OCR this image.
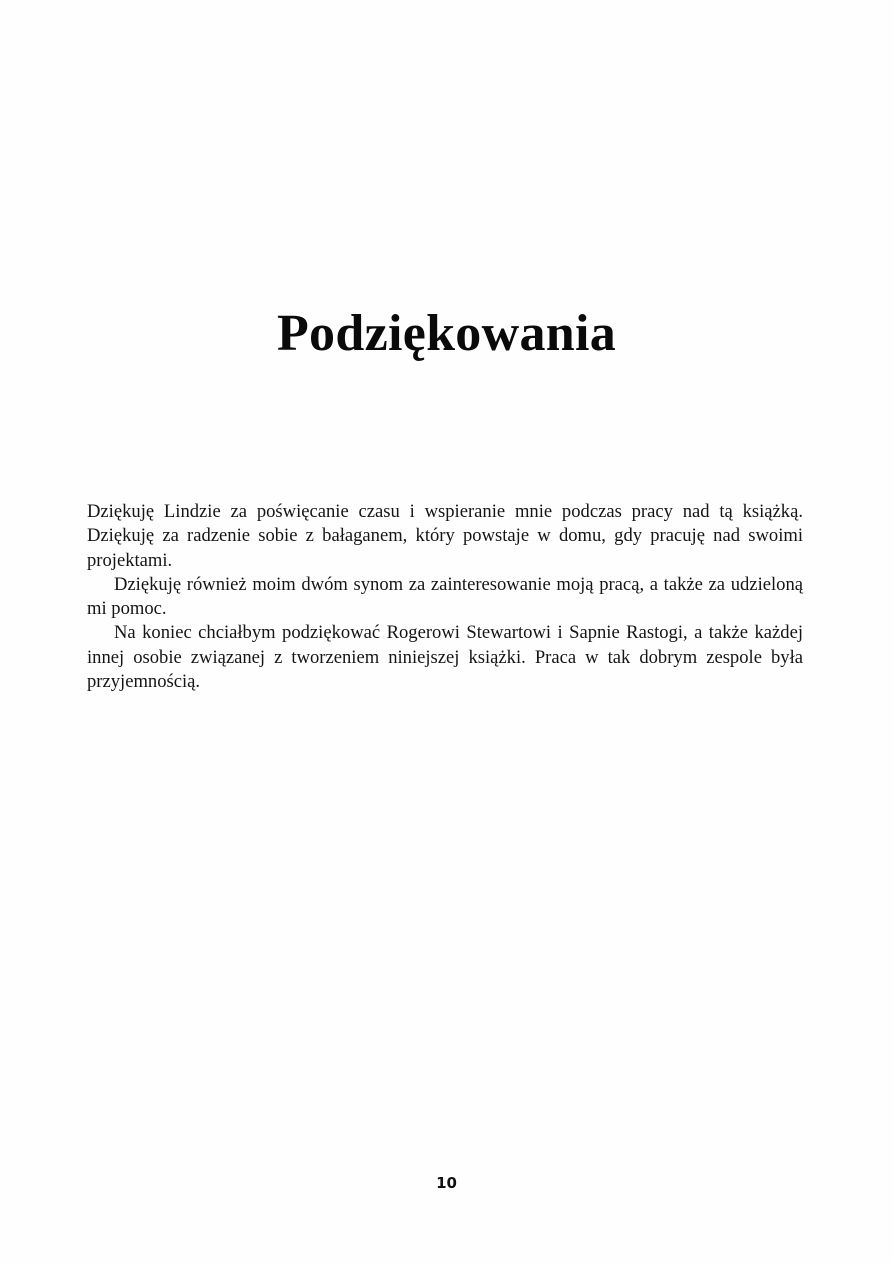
Podziękowania

Dziękuję Lindzie za poświęcanie czasu i wspieranie mnie podczas pracy nad tą książką. Dziękuję za radzenie sobie z bałaganem, który powstaje w domu, gdy pracuję nad swoimi projektami.

Dziękuję również moim dwóm synom za zainteresowanie moją pracą, a także za udzieloną mi pomoc.

Na koniec chciałbym podziękować Rogerowi Stewartowi i Sapnie Rastogi, a także każdej innej osobie związanej z tworzeniem niniejszej książki. Praca w tak dobrym zespole była przyjemnością.

10
